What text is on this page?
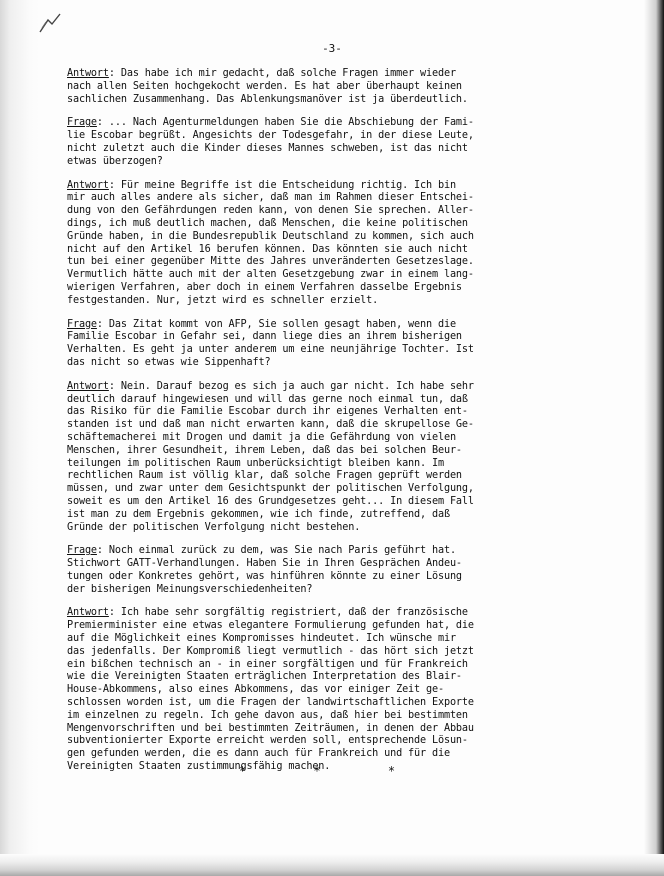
-3-
Antwort: Das habe ich mir gedacht, daß solche Fragen immer wieder
nach allen Seiten hochgekocht werden. Es hat aber überhaupt keinen
sachlichen Zusammenhang. Das Ablenkungsmanöver ist ja überdeutlich.
Frage: ... Nach Agenturmeldungen haben Sie die Abschiebung der Fami-
lie Escobar begrüßt. Angesichts der Todesgefahr, in der diese Leute,
nicht zuletzt auch die Kinder dieses Mannes schweben, ist das nicht
etwas überzogen?
Antwort: Für meine Begriffe ist die Entscheidung richtig. Ich bin
mir auch alles andere als sicher, daß man im Rahmen dieser Entschei-
dung von den Gefährdungen reden kann, von denen Sie sprechen. Aller-
dings, ich muß deutlich machen, daß Menschen, die keine politischen
Gründe haben, in die Bundesrepublik Deutschland zu kommen, sich auch
nicht auf den Artikel 16 berufen können. Das könnten sie auch nicht
tun bei einer gegenüber Mitte des Jahres unveränderten Gesetzeslage.
Vermutlich hätte auch mit der alten Gesetzgebung zwar in einem lang-
wierigen Verfahren, aber doch in einem Verfahren dasselbe Ergebnis
festgestanden. Nur, jetzt wird es schneller erzielt.
Frage: Das Zitat kommt von AFP, Sie sollen gesagt haben, wenn die
Familie Escobar in Gefahr sei, dann liege dies an ihrem bisherigen
Verhalten. Es geht ja unter anderem um eine neunjährige Tochter. Ist
das nicht so etwas wie Sippenhaft?
Antwort: Nein. Darauf bezog es sich ja auch gar nicht. Ich habe sehr
deutlich darauf hingewiesen und will das gerne noch einmal tun, daß
das Risiko für die Familie Escobar durch ihr eigenes Verhalten ent-
standen ist und daß man nicht erwarten kann, daß die skrupellose Ge-
schäftemacherei mit Drogen und damit ja die Gefährdung von vielen
Menschen, ihrer Gesundheit, ihrem Leben, daß das bei solchen Beur-
teilungen im politischen Raum unberücksichtigt bleiben kann. Im
rechtlichen Raum ist völlig klar, daß solche Fragen geprüft werden
müssen, und zwar unter dem Gesichtspunkt der politischen Verfolgung,
soweit es um den Artikel 16 des Grundgesetzes geht... In diesem Fall
ist man zu dem Ergebnis gekommen, wie ich finde, zutreffend, daß
Gründe der politischen Verfolgung nicht bestehen.
Frage: Noch einmal zurück zu dem, was Sie nach Paris geführt hat.
Stichwort GATT-Verhandlungen. Haben Sie in Ihren Gesprächen Andeu-
tungen oder Konkretes gehört, was hinführen könnte zu einer Lösung
der bisherigen Meinungsverschiedenheiten?
Antwort: Ich habe sehr sorgfältig registriert, daß der französische
Premierminister eine etwas elegantere Formulierung gefunden hat, die
auf die Möglichkeit eines Kompromisses hindeutet. Ich wünsche mir
das jedenfalls. Der Kompromiß liegt vermutlich - das hört sich jetzt
ein bißchen technisch an - in einer sorgfältigen und für Frankreich
wie die Vereinigten Staaten erträglichen Interpretation des Blair-
House-Abkommens, also eines Abkommens, das vor einiger Zeit ge-
schlossen worden ist, um die Fragen der landwirtschaftlichen Exporte
im einzelnen zu regeln. Ich gehe davon aus, daß hier bei bestimmten
Mengenvorschriften und bei bestimmten Zeiträumen, in denen der Abbau
subventionierter Exporte erreicht werden soll, entsprechende Lösun-
gen gefunden werden, die es dann auch für Frankreich und für die
Vereinigten Staaten zustimmungsfähig machen.
* * *
